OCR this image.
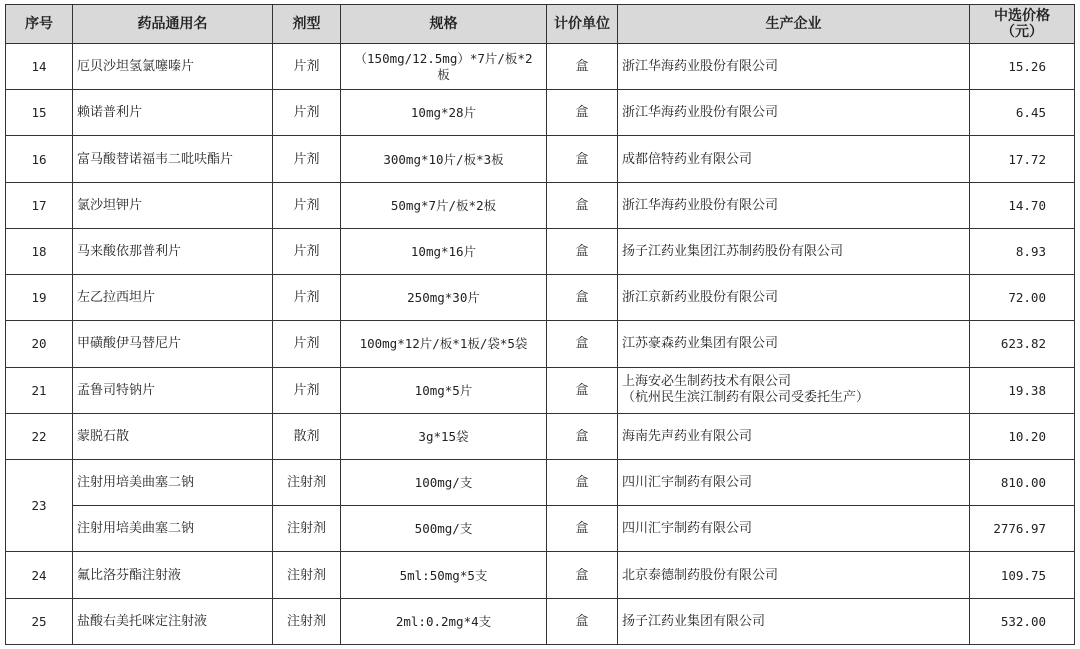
序号	药品通用名	剂型	规格	计价单位	生产企业	中选价格
（元）
14	厄贝沙坦氢氯噻嗪片	片剂	（150mg/12.5mg）*7片/板*2
板	盒	浙江华海药业股份有限公司	15.26
15	赖诺普利片	片剂	10mg*28片	盒	浙江华海药业股份有限公司	6.45
16	富马酸替诺福韦二吡呋酯片	片剂	300mg*10片/板*3板	盒	成都倍特药业有限公司	17.72
17	氯沙坦钾片	片剂	50mg*7片/板*2板	盒	浙江华海药业股份有限公司	14.70
18	马来酸依那普利片	片剂	10mg*16片	盒	扬子江药业集团江苏制药股份有限公司	8.93
19	左乙拉西坦片	片剂	250mg*30片	盒	浙江京新药业股份有限公司	72.00
20	甲磺酸伊马替尼片	片剂	100mg*12片/板*1板/袋*5袋	盒	江苏豪森药业集团有限公司	623.82
21	孟鲁司特钠片	片剂	10mg*5片	盒	上海安必生制药技术有限公司
（杭州民生滨江制药有限公司受委托生产）	19.38
22	蒙脱石散	散剂	3g*15袋	盒	海南先声药业有限公司	10.20
23	注射用培美曲塞二钠	注射剂	100mg/支	盒	四川汇宇制药有限公司	810.00
	注射用培美曲塞二钠	注射剂	500mg/支	盒	四川汇宇制药有限公司	2776.97
24	氟比洛芬酯注射液	注射剂	5ml:50mg*5支	盒	北京泰德制药股份有限公司	109.75
25	盐酸右美托咪定注射液	注射剂	2ml:0.2mg*4支	盒	扬子江药业集团有限公司	532.00
